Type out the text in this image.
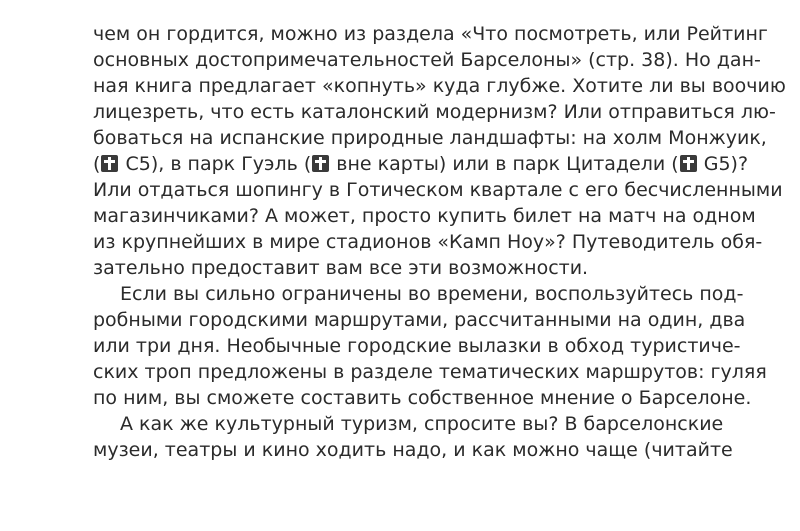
чем он гордится, можно из раздела «Что посмотреть, или Рейтинг
основных достопримечательностей Барселоны» (стр. 38). Но дан-
ная книга предлагает «копнуть» куда глубже. Хотите ли вы воочию
лицезреть, что есть каталонский модернизм? Или отправиться лю-
боваться на испанские природные ландшафты: на холм Монжуик,
( C5), в парк Гуэль ( вне карты) или в парк Цитадели ( G5)?
Или отдаться шопингу в Готическом квартале с его бесчисленными
магазинчиками? А может, просто купить билет на матч на одном
из крупнейших в мире стадионов «Камп Ноу»? Путеводитель обя-
зательно предоставит вам все эти возможности.
Если вы сильно ограничены во времени, воспользуйтесь под-
робными городскими маршрутами, рассчитанными на один, два
или три дня. Необычные городские вылазки в обход туристиче-
ских троп предложены в разделе тематических маршрутов: гуляя
по ним, вы сможете составить собственное мнение о Барселоне.
А как же культурный туризм, спросите вы? В барселонские
музеи, театры и кино ходить надо, и как можно чаще (читайте
